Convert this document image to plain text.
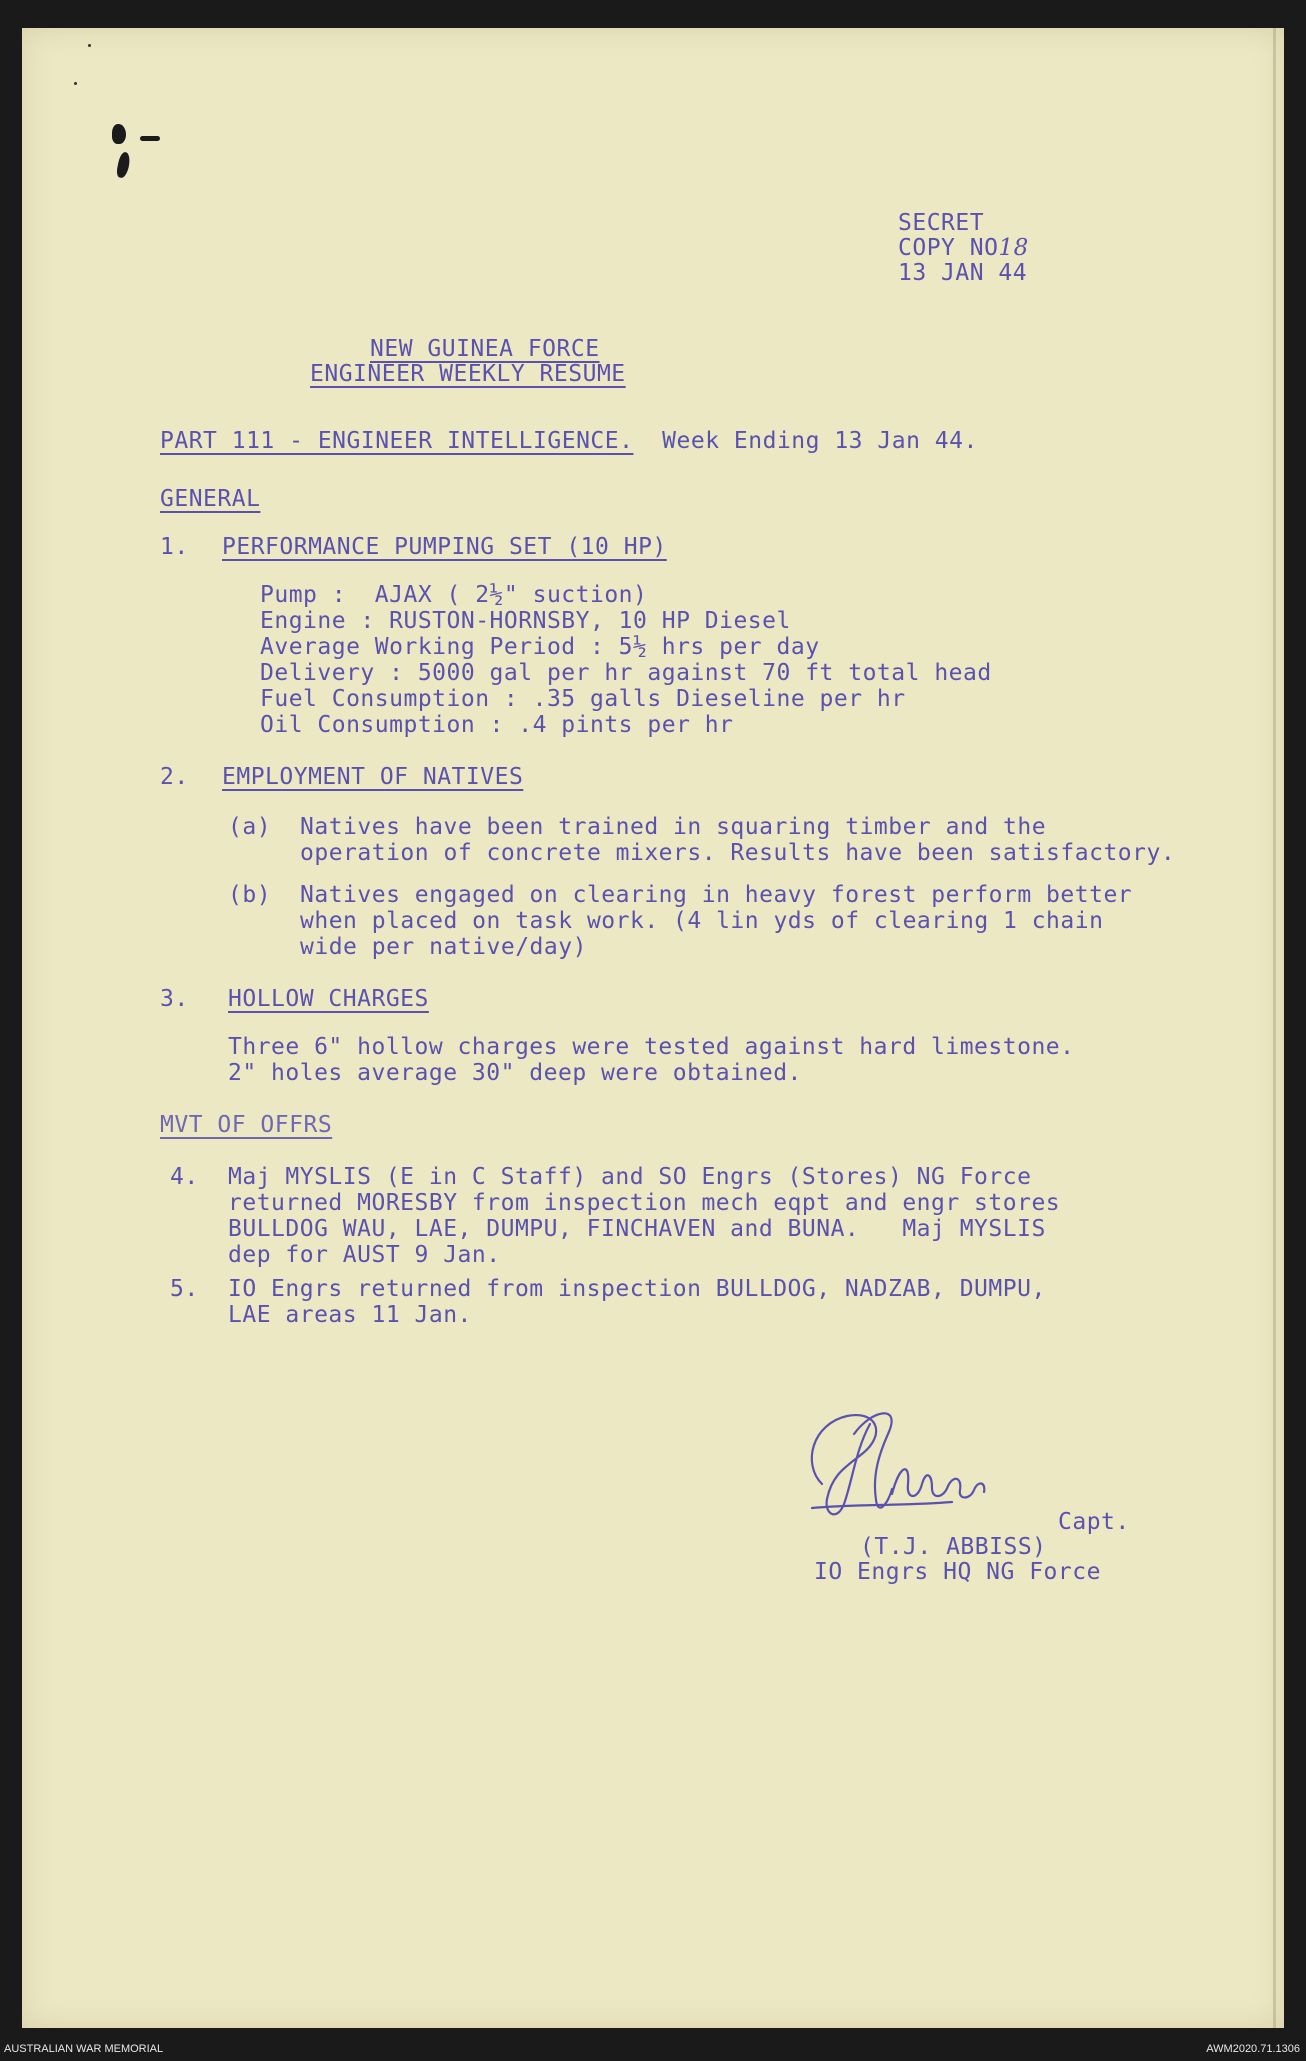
SECRET
COPY NO18
13 JAN 44
NEW GUINEA FORCE
ENGINEER WEEKLY RESUME
PART 111 - ENGINEER INTELLIGENCE. Week Ending 13 Jan 44.
GENERAL
1. PERFORMANCE PUMPING SET (10 HP)
Pump :  AJAX ( 2½" suction)
Engine : RUSTON-HORNSBY, 10 HP Diesel
Average Working Period : 5½ hrs per day
Delivery : 5000 gal per hr against 70 ft total head
Fuel Consumption : .35 galls Dieseline per hr
Oil Consumption : .4 pints per hr
2. EMPLOYMENT OF NATIVES
(a) Natives have been trained in squaring timber and the
operation of concrete mixers. Results have been satisfactory.
(b) Natives engaged on clearing in heavy forest perform better
when placed on task work. (4 lin yds of clearing 1 chain
wide per native/day)
3. HOLLOW CHARGES
Three 6" hollow charges were tested against hard limestone.
2" holes average 30" deep were obtained.
MVT OF OFFRS
4. Maj MYSLIS (E in C Staff) and SO Engrs (Stores) NG Force
returned MORESBY from inspection mech eqpt and engr stores
BULLDOG WAU, LAE, DUMPU, FINCHAVEN and BUNA.   Maj MYSLIS
dep for AUST 9 Jan.
5. IO Engrs returned from inspection BULLDOG, NADZAB, DUMPU,
LAE areas 11 Jan.
TJAbbiss
Capt.
(T.J. ABBISS)
IO Engrs HQ NG Force
AUSTRALIAN WAR MEMORIAL	AWM2020.71.1306
